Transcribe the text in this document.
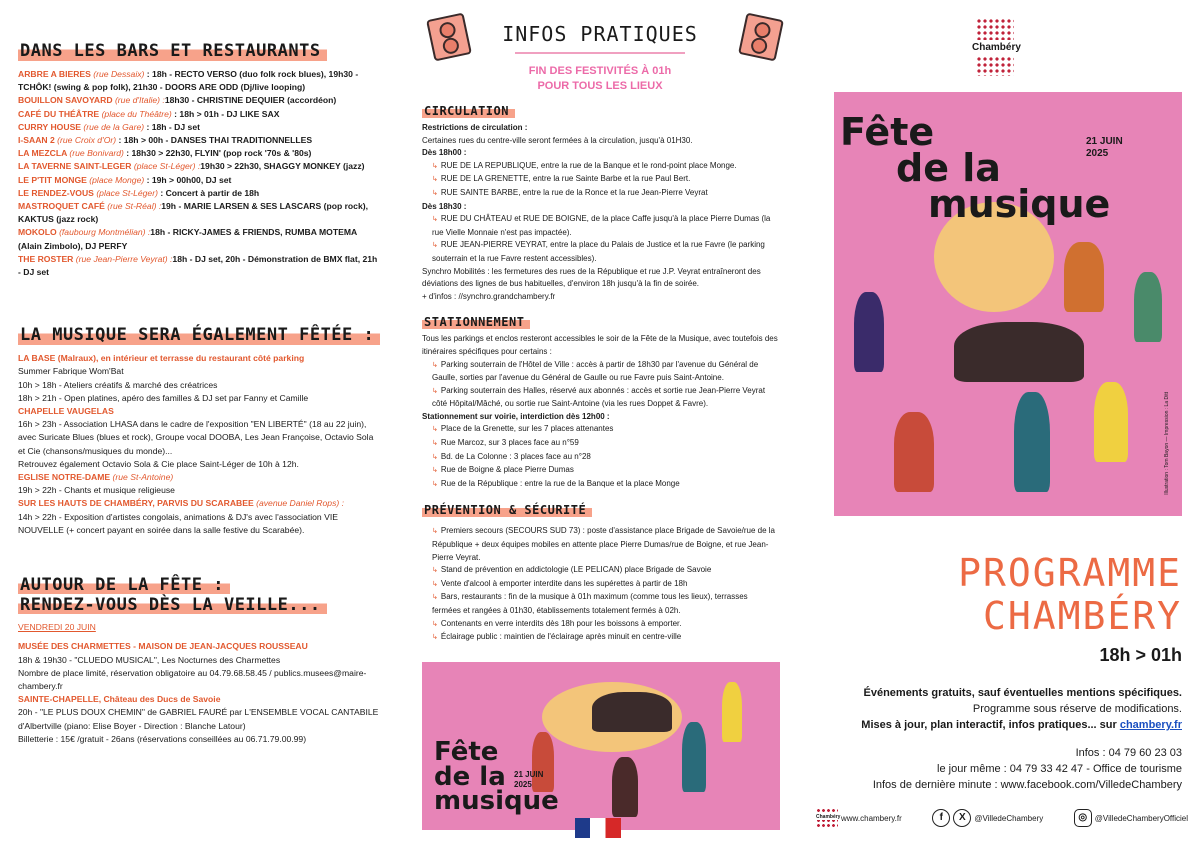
DANS LES BARS ET RESTAURANTS
ARBRE A BIERES (rue Dessaix) : 18h - RECTO VERSO (duo folk rock blues), 19h30 - TCHÔK! (swing & pop folk), 21h30 - DOORS ARE ODD (Dj/live looping)
BOUILLON SAVOYARD (rue d'Italie) :18h30 - CHRISTINE DEQUIER (accordéon)
CAFÉ DU THÉÂTRE (place du Théâtre) : 18h > 01h - DJ LIKE SAX
CURRY HOUSE (rue de la Gare) : 18h - DJ set
I-SAAN 2 (rue Croix d'Or) : 18h > 00h - DANSES THAI TRADITIONNELLES
LA MEZCLA (rue Bonivard) : 18h30 > 22h30, FLYIN' (pop rock '70s & '80s)
LA TAVERNE SAINT-LEGER (place St-Léger) :19h30 > 22h30, SHAGGY MONKEY (jazz)
LE P'TIT MONGE (place Monge) : 19h > 00h00, DJ set
LE RENDEZ-VOUS (place St-Léger) : Concert à partir de 18h
MASTROQUET CAFÉ (rue St-Réal) :19h - MARIE LARSEN & SES LASCARS (pop rock), KAKTUS (jazz rock)
MOKOLO (faubourg Montmélian) :18h - RICKY-JAMES & FRIENDS, RUMBA MOTEMA (Alain Zimbolo), DJ PERFY
THE ROSTER (rue Jean-Pierre Veyrat) :18h - DJ set, 20h - Démonstration de BMX flat, 21h - DJ set
LA MUSIQUE SERA ÉGALEMENT FÊTÉE :
LA BASE (Malraux), en intérieur et terrasse du restaurant côté parking
Summer Fabrique Wom'Bat
10h > 18h - Ateliers créatifs & marché des créatrices
18h > 21h - Open platines, apéro des familles & DJ set par Fanny et Camille
CHAPELLE VAUGELAS
16h > 23h - Association LHASA dans le cadre de l'exposition "EN LIBERTÉ" (18 au 22 juin), avec Suricate Blues (blues et rock), Groupe vocal DOOBA, Les Jean Françoise, Octavio Sola et Cie (chansons/musiques du monde)...
Retrouvez également Octavio Sola & Cie place Saint-Léger de 10h à 12h.
EGLISE NOTRE-DAME (rue St-Antoine)
19h > 22h - Chants et musique religieuse
SUR LES HAUTS DE CHAMBÉRY, PARVIS DU SCARABEE (avenue Daniel Rops) :
14h > 22h - Exposition d'artistes congolais, animations & DJ's avec l'association VIE NOUVELLE (+ concert payant en soirée dans la salle festive du Scarabée).
AUTOUR DE LA FÊTE :
RENDEZ-VOUS DÈS LA VEILLE...
VENDREDI 20 JUIN
MUSÉE DES CHARMETTES - MAISON DE JEAN-JACQUES ROUSSEAU
18h & 19h30 - "CLUEDO MUSICAL", Les Nocturnes des Charmettes
Nombre de place limité, réservation obligatoire au 04.79.68.58.45 / publics.musees@maire-chambery.fr
SAINTE-CHAPELLE, Château des Ducs de Savoie
20h - "LE PLUS DOUX CHEMIN" de GABRIEL FAURÉ par L'ENSEMBLE VOCAL CANTABILE d'Albertville (piano: Elise Boyer - Direction : Blanche Latour)
Billetterie : 15€ /gratuit - 26ans (réservations conseillées au 06.71.79.00.99)
INFOS PRATIQUES
FIN DES FESTIVITÉS À 01h
POUR TOUS LES LIEUX
CIRCULATION

Restrictions de circulation :

Certaines rues du centre-ville seront fermées à la circulation, jusqu'à 01H30.

Dès 18h00 :

↳ RUE DE LA REPUBLIQUE, entre la rue de la Banque et le rond-point place Monge.

↳ RUE DE LA GRENETTE, entre la rue Sainte Barbe et la rue Paul Bert.

↳ RUE SAINTE BARBE, entre la rue de la Ronce et la rue Jean-Pierre Veyrat

Dès 18h30 :

↳ RUE DU CHÂTEAU et RUE DE BOIGNE, de la place Caffe jusqu'à la place Pierre Dumas (la rue Vielle Monnaie n'est pas impactée).

↳ RUE JEAN-PIERRE VEYRAT, entre la place du Palais de Justice et la rue Favre (le parking souterrain et la rue Favre restent accessibles).

Synchro Mobilités : les fermetures des rues de la République et rue J.P. Veyrat entraîneront des déviations des lignes de bus habituelles, d'environ 18h jusqu'à la fin de soirée.

+ d'infos : //synchro.grandchambery.fr

STATIONNEMENT

Tous les parkings et enclos resteront accessibles le soir de la Fête de la Musique, avec toutefois des itinéraires spécifiques pour certains :

↳ Parking souterrain de l'Hôtel de Ville : accès à partir de 18h30 par l'avenue du Général de Gaulle, sorties par l'avenue du Général de Gaulle ou rue Favre puis Saint-Antoine.

↳ Parking souterrain des Halles, réservé aux abonnés : accès et sortie rue Jean-Pierre Veyrat côté Hôpital/Mâché, ou sortie rue Saint-Antoine (via les rues Doppet & Favre).

Stationnement sur voirie, interdiction dès 12h00 :

↳ Place de la Grenette, sur les 7 places attenantes

↳ Rue Marcoz, sur 3 places face au n°59

↳ Bd. de La Colonne : 3 places face au n°28

↳ Rue de Boigne & place Pierre Dumas

↳ Rue de la République : entre la rue de la Banque et la place Monge

PRÉVENTION & SÉCURITÉ

↳ Premiers secours (SECOURS SUD 73) : poste d'assistance place Brigade de Savoie/rue de la République + deux équipes mobiles en attente place Pierre Dumas/rue de Boigne, et rue Jean-Pierre Veyrat.

↳ Stand de prévention en addictologie (LE PELICAN) place Brigade de Savoie

↳ Vente d'alcool à emporter interdite dans les supérettes à partir de 18h

↳ Bars, restaurants : fin de la musique à 01h maximum (comme tous les lieux), terrasses fermées et rangées à 01h30, établissements totalement fermés à 02h.

↳ Contenants en verre interdits dès 18h pour les boissons à emporter.

↳ Éclairage public : maintien de l'éclairage après minuit en centre-ville

Fête
de la
musique
21 JUIN
2025
Chambéry
Fête
de la
musique
21 JUIN
2025
Illustration : Tom Bayon — Impression : La Ditt
PROGRAMME
CHAMBÉRY
18h > 01h
Événements gratuits, sauf éventuelles mentions spécifiques.
Programme sous réserve de modifications.
Mises à jour, plan interactif, infos pratiques... sur chambery.fr
Infos : 04 79 60 23 03
le jour même : 04 79 33 42 47 - Office de tourisme
Infos de dernière minute : www.facebook.com/VilledeChambery
Chambéry www.chambery.fr	f	X	@VilledeChambery	◎ @VilledeChamberyOfficiel
